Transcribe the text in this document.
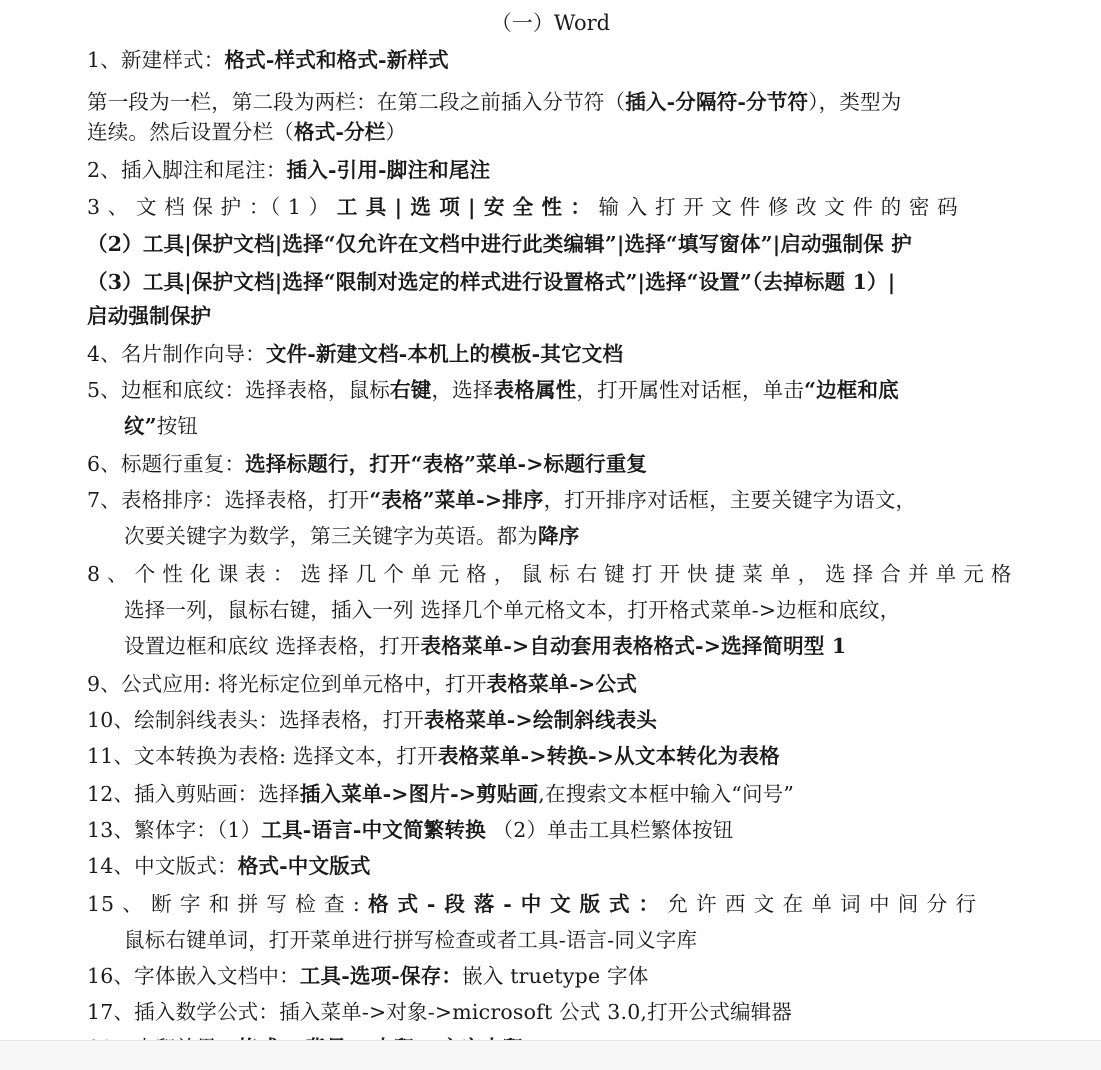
（一）Word
1、新建样式：格式-样式和格式-新样式
第一段为一栏，第二段为两栏：在第二段之前插入分节符（插入-分隔符-分节符），类型为
连续。然后设置分栏（格式-分栏）
2、插入脚注和尾注：插入-引用-脚注和尾注
3 、 文 档 保 护 ：（ 1 ） 工 具 | 选 项 | 安 全 性 ： 输 入 打 开 文 件 修 改 文 件 的 密 码
（2）工具|保护文档|选择“仅允许在文档中进行此类编辑”|选择“填写窗体”|启动强制保 护
（3）工具|保护文档|选择“限制对选定的样式进行设置格式”|选择“设置”（去掉标题 1）|
启动强制保护
4、名片制作向导：文件-新建文档-本机上的模板-其它文档
5、边框和底纹：选择表格，鼠标右键，选择表格属性，打开属性对话框，单击“边框和底
纹”按钮
6、标题行重复：选择标题行，打开“表格”菜单->标题行重复
7、表格排序：选择表格，打开“表格”菜单->排序，打开排序对话框，主要关键字为语文，
次要关键字为数学，第三关键字为英语。都为降序
8 、 个 性 化 课 表 ： 选 择 几 个 单 元 格 ， 鼠 标 右 键 打 开 快 捷 菜 单 ， 选 择 合 并 单 元 格
选择一列，鼠标右键，插入一列 选择几个单元格文本，打开格式菜单->边框和底纹，
设置边框和底纹 选择表格，打开表格菜单->自动套用表格格式->选择简明型 1
9、公式应用: 将光标定位到单元格中，打开表格菜单->公式
10、绘制斜线表头：选择表格，打开表格菜单->绘制斜线表头
11、文本转换为表格: 选择文本，打开表格菜单->转换->从文本转化为表格
12、插入剪贴画：选择插入菜单->图片->剪贴画,在搜索文本框中输入“问号”
13、繁体字：（1）工具-语言-中文简繁转换 （2）单击工具栏繁体按钮
14、中文版式：格式-中文版式
15 、 断 字 和 拼 写 检 查 : 格 式 - 段 落 - 中 文 版 式 ： 允 许 西 文 在 单 词 中 间 分 行
鼠标右键单词，打开菜单进行拼写检查或者工具-语言-同义字库
16、字体嵌入文档中：工具-选项-保存：嵌入 truetype 字体
17、插入数学公式：插入菜单->对象->microsoft 公式 3.0,打开公式编辑器
